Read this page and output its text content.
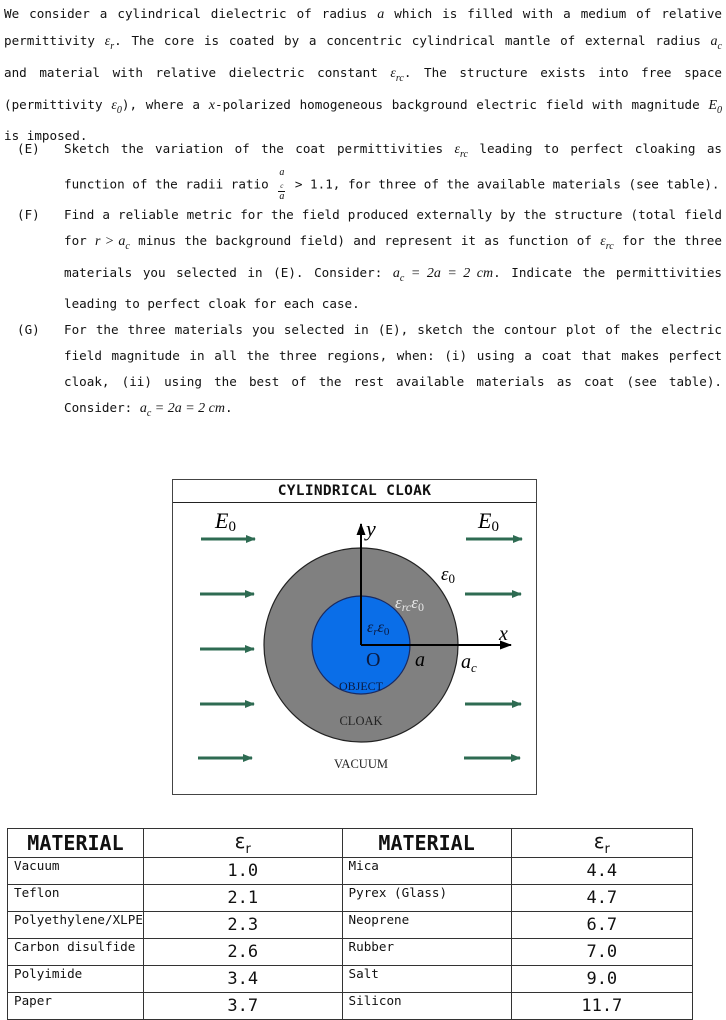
We consider a cylindrical dielectric of radius a which is filled with a medium of relative permittivity $\varepsilon_r$. The core is coated by a concentric cylindrical mantle of external radius $a_c$ and material with relative dielectric constant $\varepsilon_{rc}$. The structure exists into free space (permittivity $\varepsilon_0$), where a x-polarized homogeneous background electric field with magnitude $E_0$ is imposed.

(E) Sketch the variation of the coat permittivities $\varepsilon_{rc}$ leading to perfect cloaking as function of the radii ratio a
$_c$
a > 1.1, for three of the available materials (see table).
(F) Find a reliable metric for the field produced externally by the structure (total field for $r > a_c$ minus the background field) and represent it as function of $\varepsilon_{rc}$ for the three materials you selected in (E). Consider: $a_c = 2a = 2$ cm. Indicate the permittivities leading to perfect cloak for each case.
(G) For the three materials you selected in (E), sketch the contour plot of the electric field magnitude in all the three regions, when: (i) using a coat that makes perfect cloak, (ii) using the best of the rest available materials as coat (see table). Consider: $a_c = 2a = 2$ cm.
CYLINDRICAL CLOAK
E0	E0
y
x
ε0
εrcε0
εrε0
O a $a_c$
OBJECT
CLOAK
VACUUM
MATERIAL	$\varepsilon_r$	MATERIAL	$\varepsilon_r$
Vacuum	1.0	Mica	4.4
Teflon	2.1	Pyrex (Glass)	4.7
Polyethylene/XLPE	2.3	Neoprene	6.7
Carbon disulfide	2.6	Rubber	7.0
Polyimide	3.4	Salt	9.0
Paper	3.7	Silicon	11.7
